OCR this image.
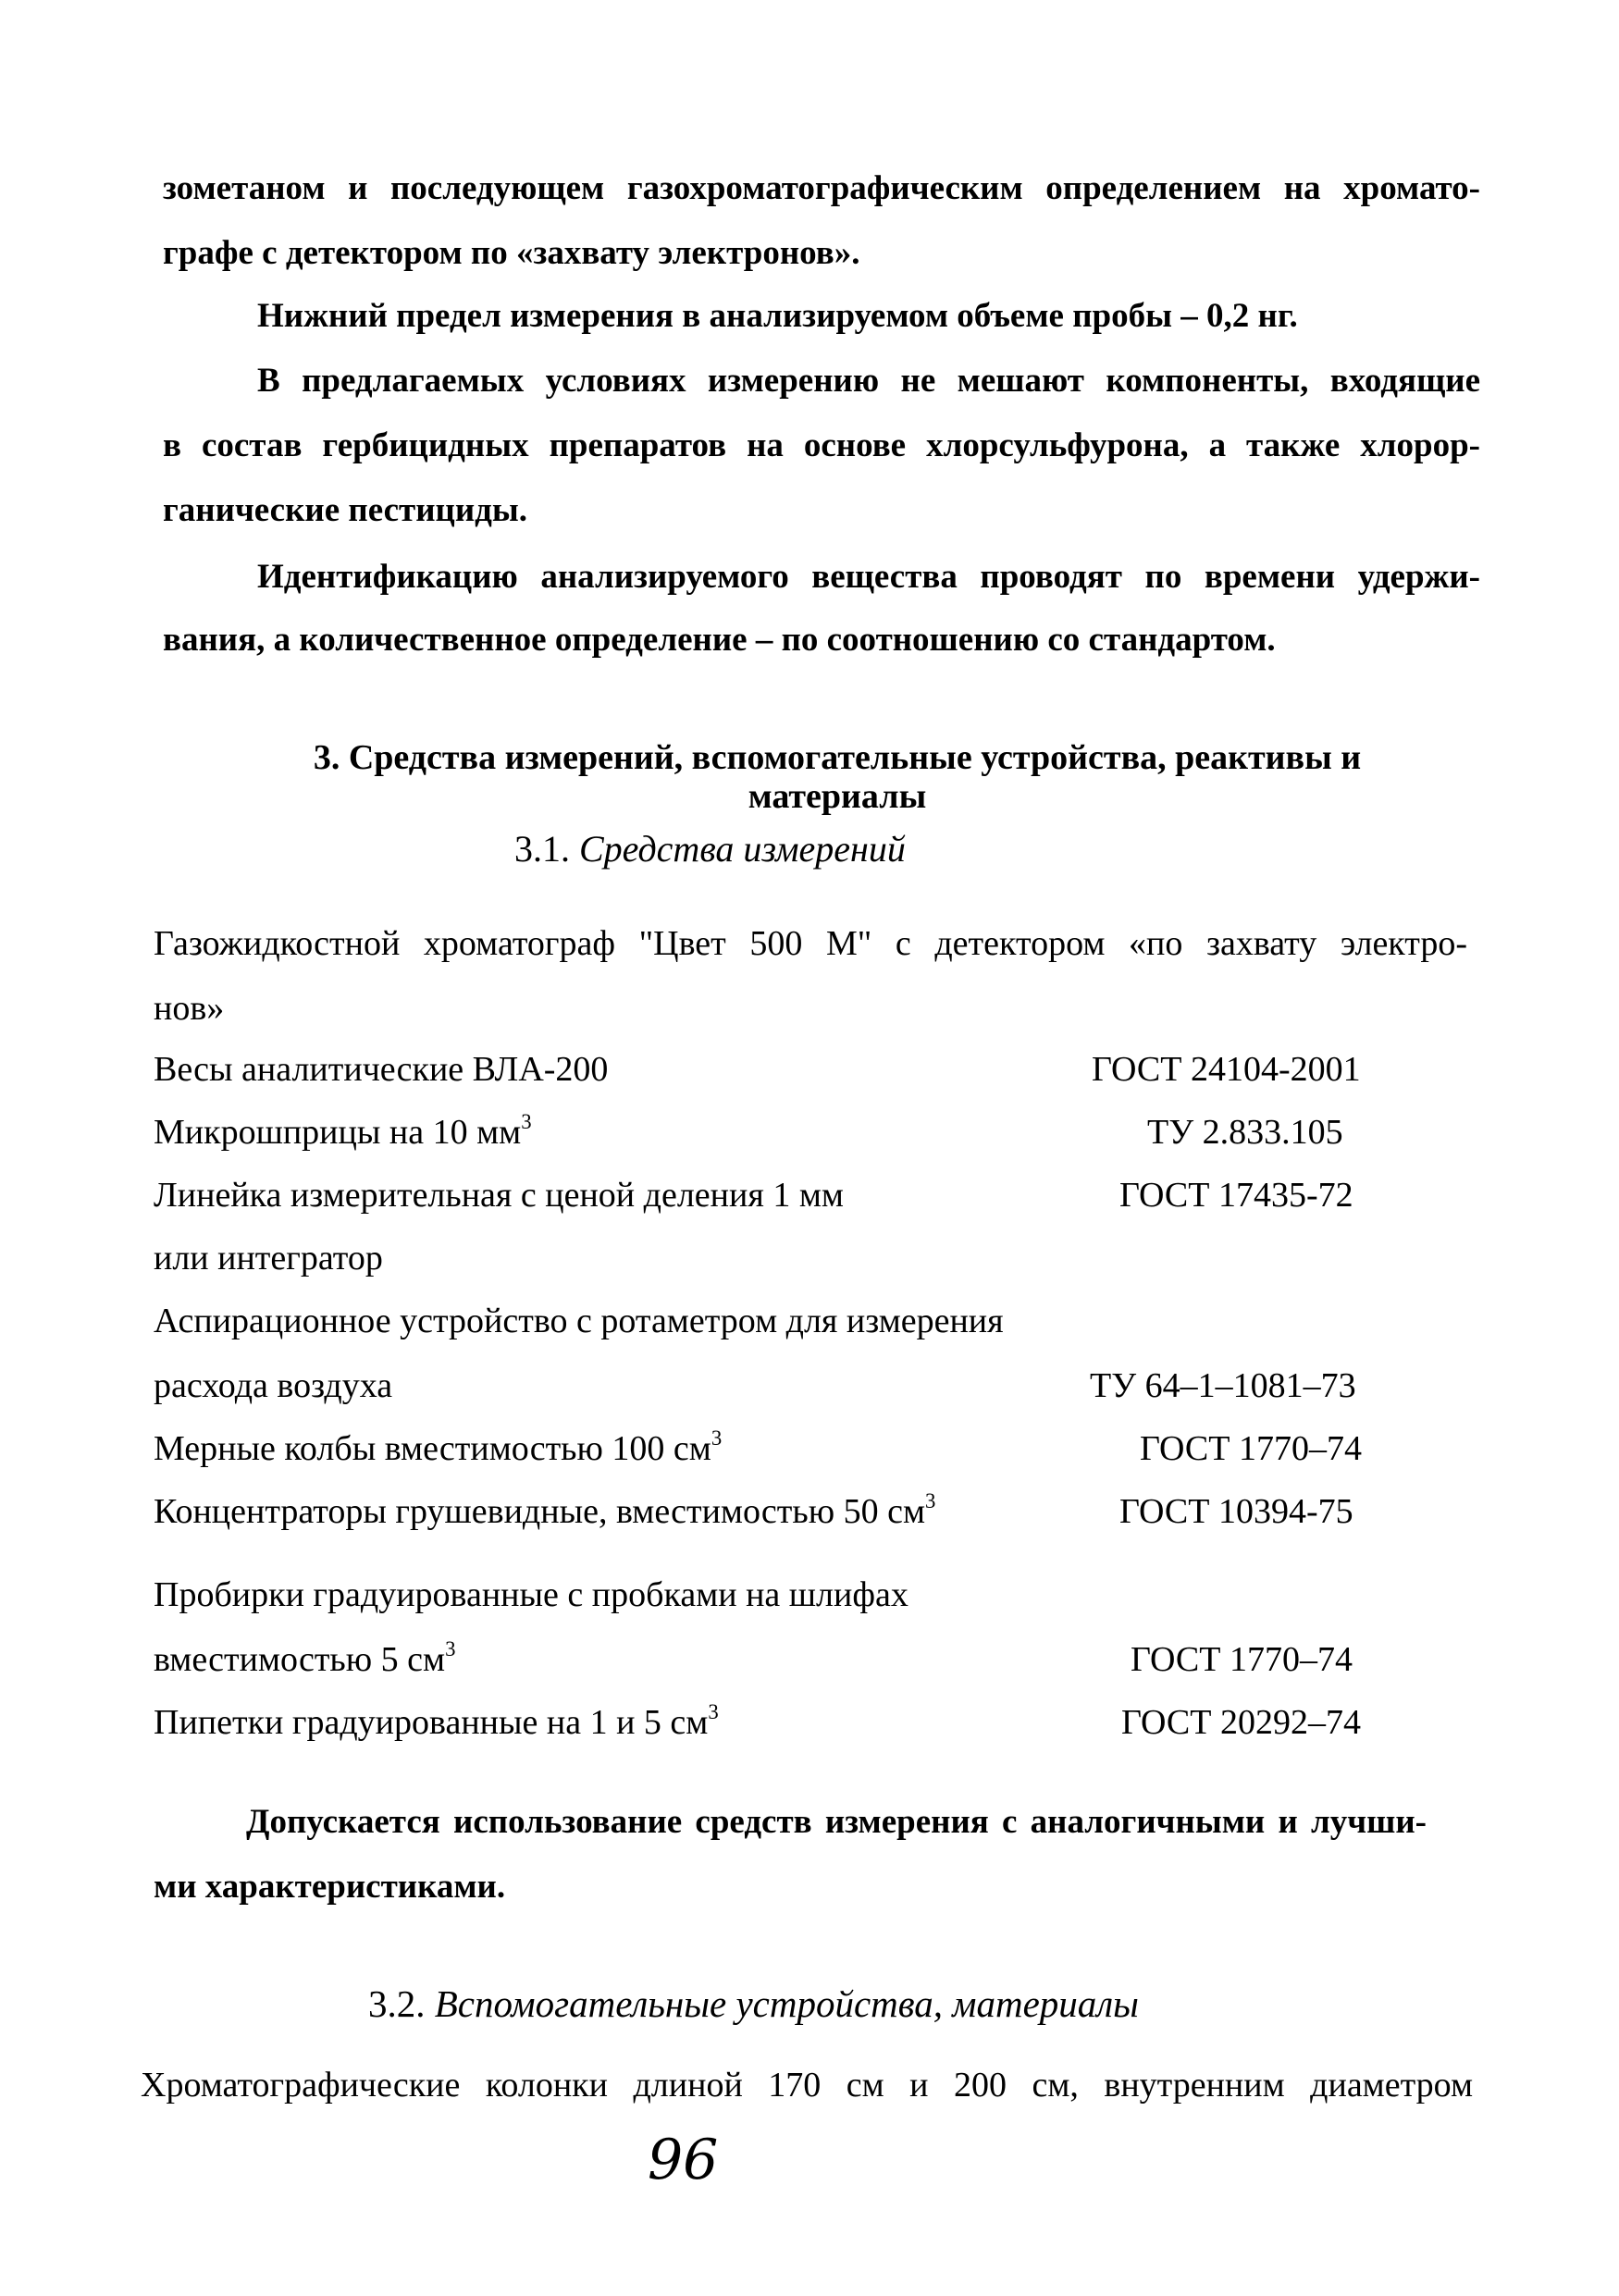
зометаном и последующем газохроматографическим определением на хромато-
графе с детектором по «захвату электронов».
Нижний предел измерения в анализируемом объеме пробы – 0,2 нг.
В предлагаемых условиях измерению не мешают компоненты, входящие
в состав гербицидных препаратов на основе хлорсульфурона, а также хлорор-
ганические пестициды.
Идентификацию анализируемого вещества проводят по времени удержи-
вания, а количественное определение – по соотношению со стандартом.
3. Средства измерений, вспомогательные устройства, реактивы и
материалы
3.1. Средства измерений
Газожидкостной хроматограф "Цвет 500 М" с детектором «по захвату электро-
нов»
Весы аналитические ВЛА-200	ГОСТ 24104-2001
Микрошприцы на 10 $мм^3$	ТУ 2.833.105
Линейка измерительная с ценой деления 1 мм	ГОСТ 17435-72
или интегратор
Аспирационное устройство с ротаметром для измерения
расхода воздуха	ТУ 64–1–1081–73
Мерные колбы вместимостью 100 $см^3$	ГОСТ 1770–74
Концентраторы грушевидные, вместимостью 50 $см^3$	ГОСТ 10394-75
Пробирки градуированные с пробками на шлифах
вместимостью 5 $см^3$	ГОСТ 1770–74
Пипетки градуированные на 1 и 5 $см^3$	ГОСТ 20292–74
Допускается использование средств измерения с аналогичными и лучши-
ми характеристиками.
3.2. Вспомогательные устройства, материалы
Хроматографические колонки длиной 170 см и 200 см, внутренним диаметром
96
